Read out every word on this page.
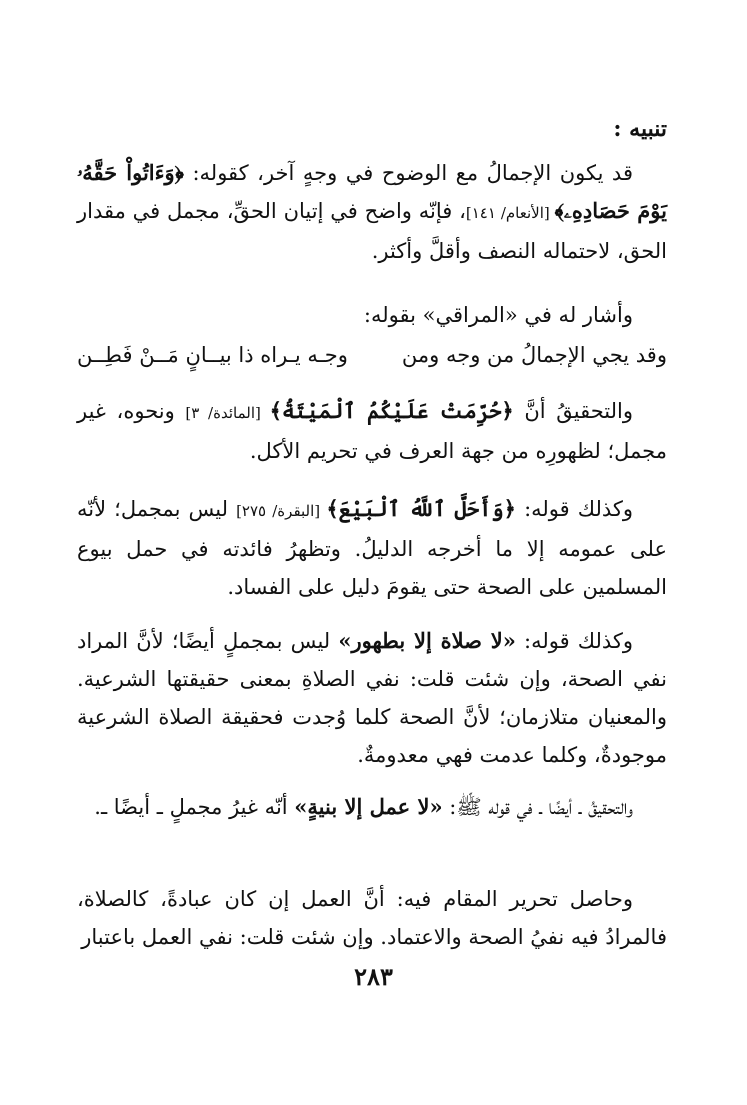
تنبيه :

قد يكون الإجمالُ مع الوضوح في وجهٍ آخر، كقوله: ﴿وَءَاتُواْ حَقَّهُۥ يَوْمَ حَصَادِهِۦ﴾ [الأنعام/ ١٤١]، فإنّه واضح في إتيان الحقِّ، مجمل في مقدار الحق، لاحتماله النصف وأقلَّ وأكثر.

وأشار له في «المراقي» بقوله:

وقد يجي الإجمالُ من وجه ومن
وجـه يـراه ذا بيــانٍ مَــنْ فَطِــن

والتحقيقُ أنَّ ﴿حُرِّمَتْ عَلَيْكُمُ ٱلْمَيْتَةُ﴾ [المائدة/ ٣] ونحوه، غير مجمل؛ لظهورِه من جهة العرف في تحريم الأكل.

وكذلك قوله: ﴿وَأَحَلَّ ٱللَّهُ ٱلْبَيْعَ﴾ [البقرة/ ٢٧٥] ليس بمجمل؛ لأنّه على عمومه إلا ما أخرجه الدليلُ. وتظهرُ فائدته في حمل بيوع المسلمين على الصحة حتى يقومَ دليل على الفساد.

وكذلك قوله: «لا صلاة إلا بطهور» ليس بمجملٍ أيضًا؛ لأنَّ المراد نفي الصحة، وإن شئت قلت: نفي الصلاةِ بمعنى حقيقتها الشرعية. والمعنيان متلازمان؛ لأنَّ الصحة كلما وُجدت فحقيقة الصلاة الشرعية موجودةٌ، وكلما عدمت فهي معدومةٌ.

والتحقيقُ ـ أيضًا ـ في قوله ﷺ: «لا عمل إلا بنيةٍ» أنّه غيرُ مجملٍ ـ أيضًا ـ.

وحاصل تحرير المقام فيه: أنَّ العمل إن كان عبادةً، كالصلاة، فالمرادُ فيه نفيُ الصحة والاعتماد. وإن شئت قلت: نفي العمل باعتبار

٢٨٣
